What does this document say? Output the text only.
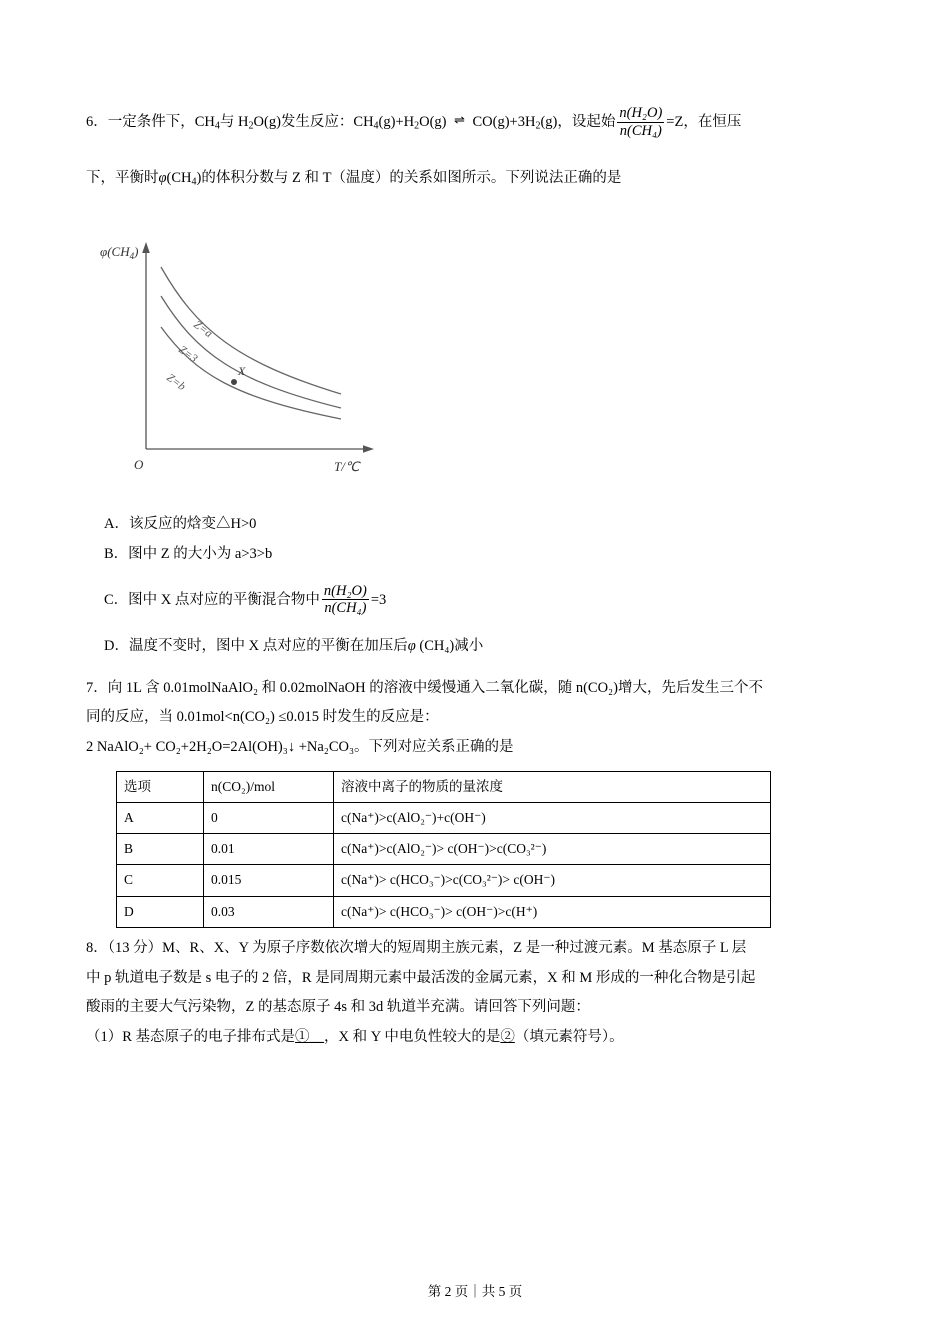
6．一定条件下，$CH_4$与 $H_2O(g)$发生反应：$CH_4(g)+H_2O(g)$ ⇌ $CO(g)+3H_2(g)$，设起始 $\frac{\text{n(H₂O)}}{\text{n(CH₄)}} =Z$，在恒压
下，平衡时$\varphi(CH_4)$的体积分数与 Z 和 T（温度）的关系如图所示。下列说法正确的是
X
Z=a
Z=3
Z=b
$\varphi(CH_4)$
O	T/℃

A．该反应的焓变△H>0

B．图中 Z 的大小为 a>3>b

C．图中 X 点对应的平衡混合物中 $\frac{\text{n(H₂O)}}{\text{n(CH₄)}} =3$

D．温度不变时，图中 X 点对应的平衡在加压后φ (CH₄)减小

7．向 1L 含 0.01molNaAlO₂ 和 0.02molNaOH 的溶液中缓慢通入二氧化碳，随 n(CO₂)增大，先后发生三个不

同的反应，当 0.01mol<n(CO₂) ≤0.015 时发生的反应是：

2 NaAlO₂+ CO₂+2H₂O=2Al(OH)₃↓ +Na₂CO₃。下列对应关系正确的是

选项	n(CO₂)/mol	溶液中离子的物质的量浓度
A	0	c(Na⁺)>c(AlO₂⁻)+c(OH⁻)
B	0.01	c(Na⁺)>c(AlO₂⁻)> c(OH⁻)>c(CO₃²⁻)
C	0.015	c(Na⁺)> c(HCO₃⁻)>c(CO₃²⁻)> c(OH⁻)
D	0.03	c(Na⁺)> c(HCO₃⁻)> c(OH⁻)>c(H⁺)

8．（13 分）M、R、X、Y 为原子序数依次增大的短周期主族元素，Z 是一种过渡元素。M 基态原子 L 层

中 p 轨道电子数是 s 电子的 2 倍，R 是同周期元素中最活泼的金属元素，X 和 M 形成的一种化合物是引起

酸雨的主要大气污染物，Z 的基态原子 4s 和 3d 轨道半充满。请回答下列问题：

（1）R 基态原子的电子排布式是①__，X 和 Y 中电负性较大的是②（填元素符号）。

第 2 页｜共 5 页
